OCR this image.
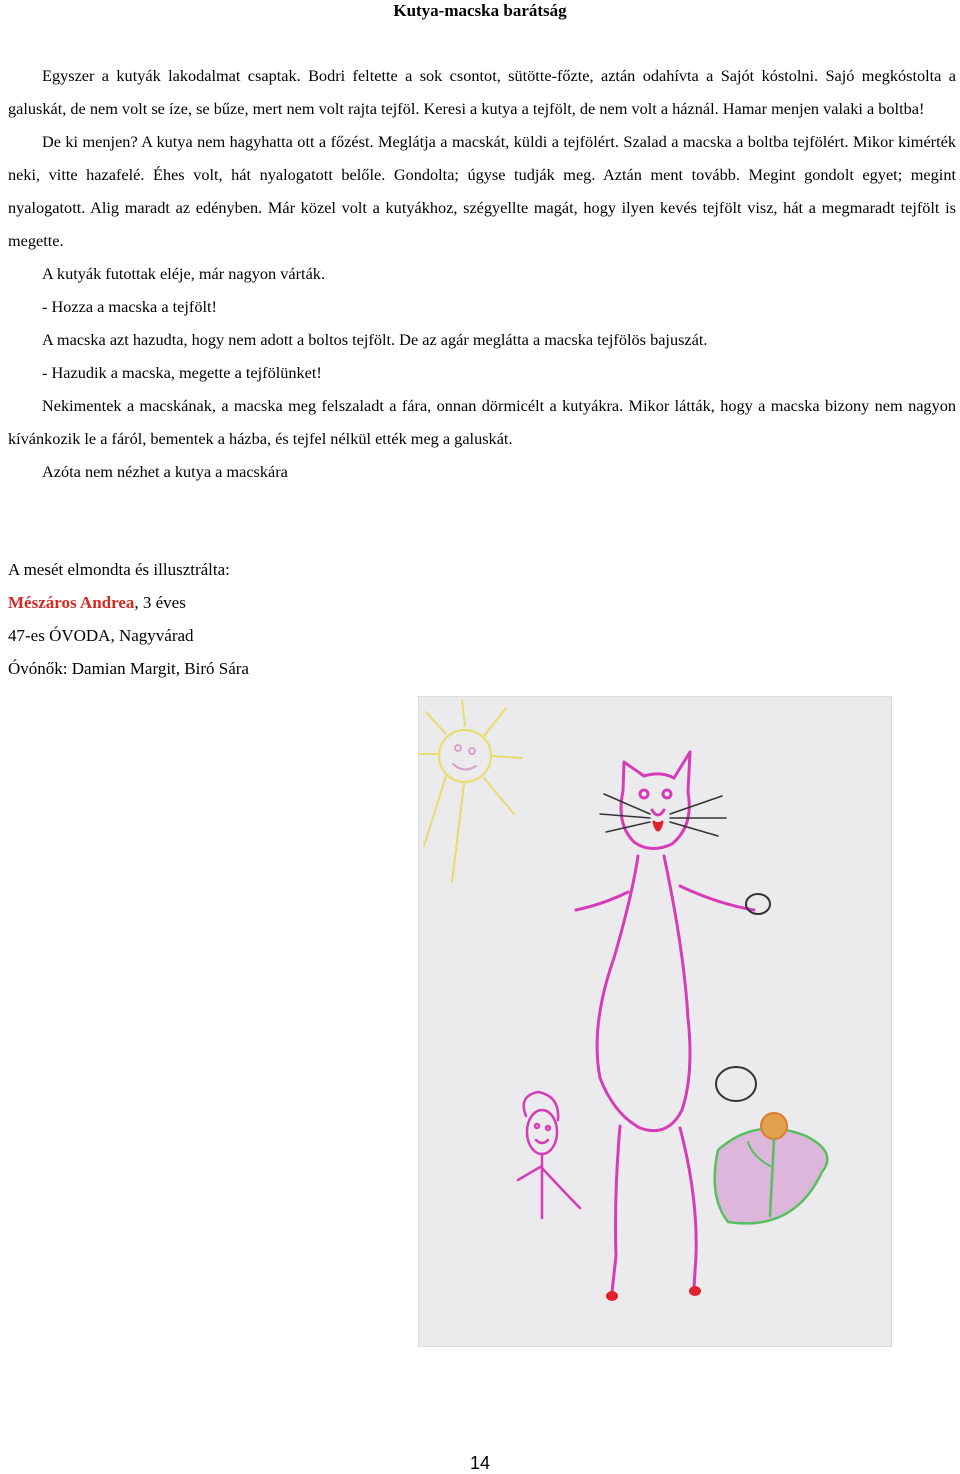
Kutya-macska barátság

Egyszer a kutyák lakodalmat csaptak. Bodri feltette a sok csontot, sütötte-főzte, aztán odahívta a Sajót kóstolni. Sajó megkóstolta a galuskát, de nem volt se íze, se bűze, mert nem volt rajta tejföl. Keresi a kutya a tejfölt, de nem volt a háznál. Hamar menjen valaki a boltba!

De ki menjen? A kutya nem hagyhatta ott a főzést. Meglátja a macskát, küldi a tejfölért. Szalad a macska a boltba tejfölért. Mikor kimérték neki, vitte hazafelé. Éhes volt, hát nyalogatott belőle. Gondolta; úgyse tudják meg. Aztán ment tovább. Megint gondolt egyet; megint nyalogatott. Alig maradt az edényben. Már közel volt a kutyákhoz, szégyellte magát, hogy ilyen kevés tejfölt visz, hát a megmaradt tejfölt is megette.

A kutyák futottak eléje, már nagyon várták.

- Hozza a macska a tejfölt!

A macska azt hazudta, hogy nem adott a boltos tejfölt. De az agár meglátta a macska tejfölös bajuszát.

- Hazudik a macska, megette a tejfölünket!

Nekimentek a macskának, a macska meg felszaladt a fára, onnan dörmicélt a kutyákra. Mikor látták, hogy a macska bizony nem nagyon kívánkozik le a fáról, bementek a házba, és tejfel nélkül ették meg a galuskát.

Azóta nem nézhet a kutya a macskára

A mesét elmondta és illusztrálta:
Mészáros Andrea, 3 éves
47-es ÓVODA, Nagyvárad
Óvónők: Damian Margit, Biró Sára
14
